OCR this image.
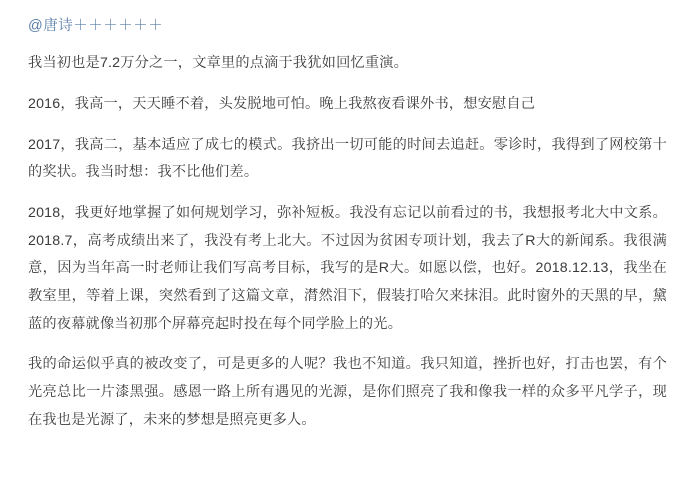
@唐诗＋＋＋＋＋＋

我当初也是7.2万分之一，文章里的点滴于我犹如回忆重演。

2016，我高一，天天睡不着，头发脱地可怕。晚上我熬夜看课外书，想安慰自己

2017，我高二，基本适应了成七的模式。我挤出一切可能的时间去追赶。零诊时，我得到了网校第十的奖状。我当时想：我不比他们差。

2018，我更好地掌握了如何规划学习，弥补短板。我没有忘记以前看过的书，我想报考北大中文系。2018.7，高考成绩出来了，我没有考上北大。不过因为贫困专项计划，我去了R大的新闻系。我很满意，因为当年高一时老师让我们写高考目标，我写的是R大。如愿以偿，也好。2018.12.13，我坐在教室里，等着上课，突然看到了这篇文章，潸然泪下，假装打哈欠来抹泪。此时窗外的天黑的早，黛蓝的夜幕就像当初那个屏幕亮起时投在每个同学脸上的光。

我的命运似乎真的被改变了，可是更多的人呢？我也不知道。我只知道，挫折也好，打击也罢，有个光亮总比一片漆黑强。感恩一路上所有遇见的光源，是你们照亮了我和像我一样的众多平凡学子，现在我也是光源了，未来的梦想是照亮更多人。
